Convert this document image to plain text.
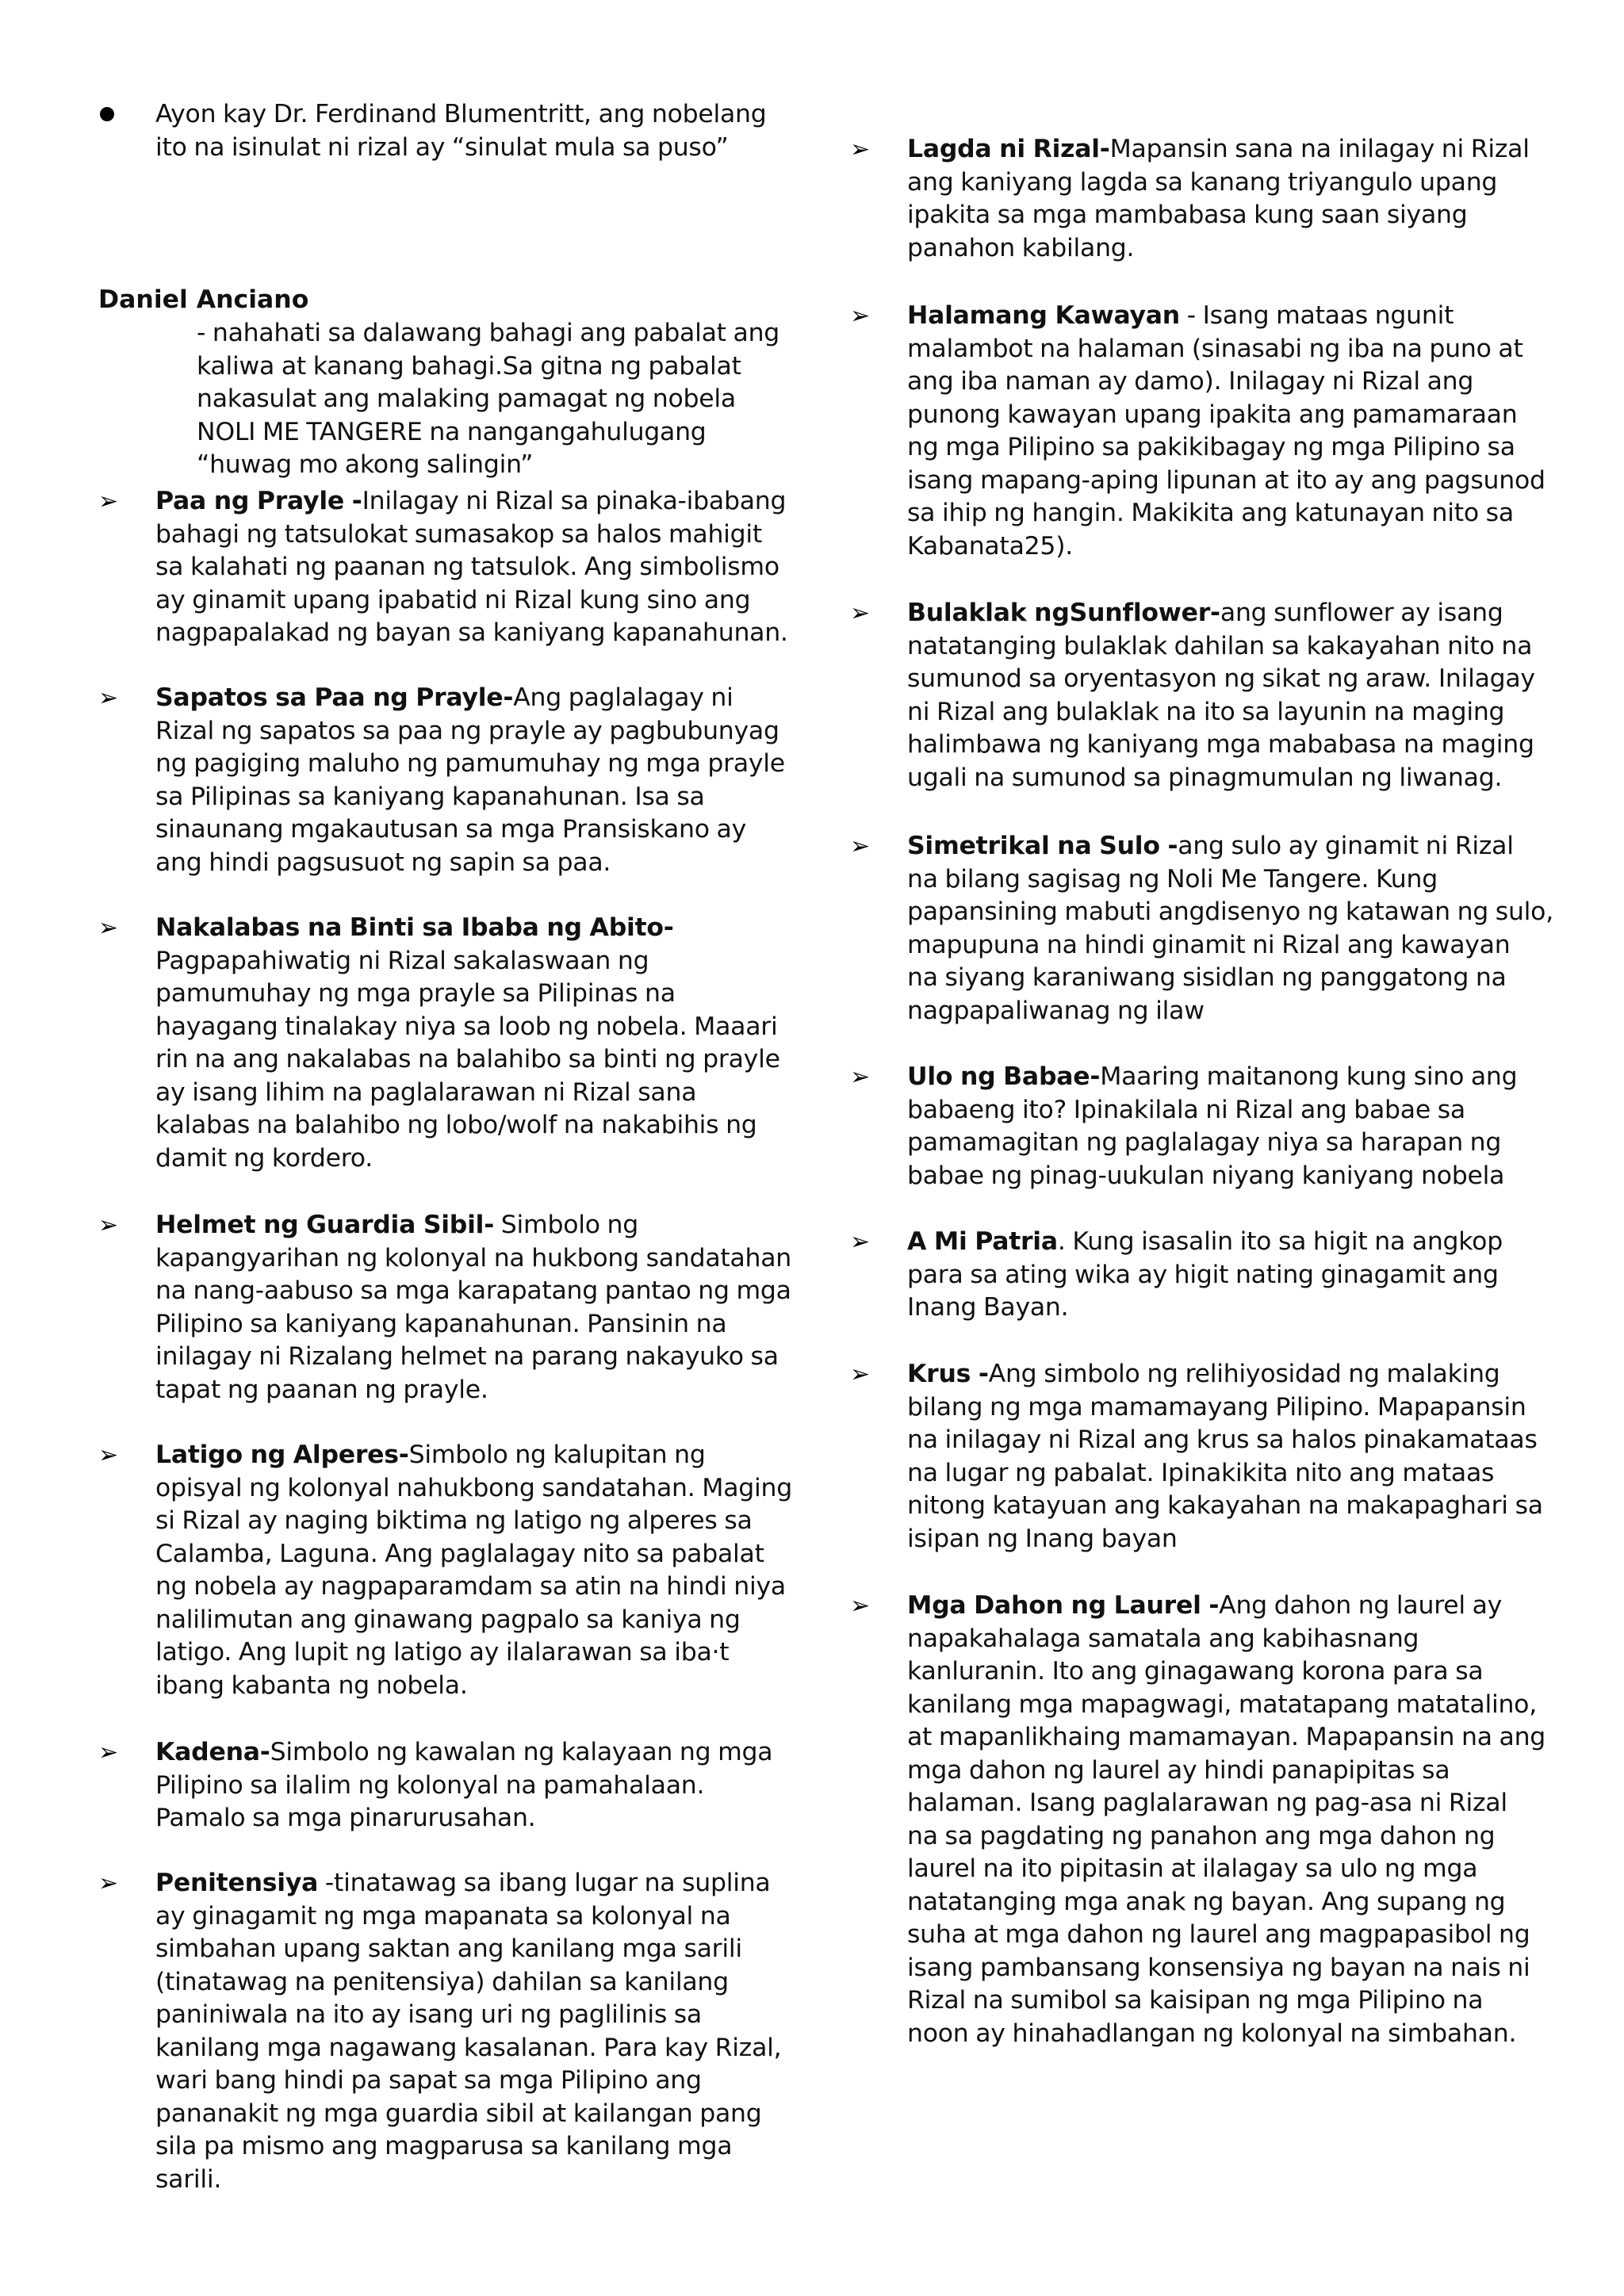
Ayon kay Dr. Ferdinand Blumentritt, ang nobelang
ito na isinulat ni rizal ay “sinulat mula sa puso”
Daniel Anciano
- nahahati sa dalawang bahagi ang pabalat ang
kaliwa at kanang bahagi.Sa gitna ng pabalat
nakasulat ang malaking pamagat ng nobela
NOLI ME TANGERE na nangangahulugang
“huwag mo akong salingin”
➢ Paa ng Prayle -Inilagay ni Rizal sa pinaka-ibabang
bahagi ng tatsulokat sumasakop sa halos mahigit
sa kalahati ng paanan ng tatsulok. Ang simbolismo
ay ginamit upang ipabatid ni Rizal kung sino ang
nagpapalakad ng bayan sa kaniyang kapanahunan.
➢ Sapatos sa Paa ng Prayle-Ang paglalagay ni
Rizal ng sapatos sa paa ng prayle ay pagbubunyag
ng pagiging maluho ng pamumuhay ng mga prayle
sa Pilipinas sa kaniyang kapanahunan. Isa sa
sinaunang mgakautusan sa mga Pransiskano ay
ang hindi pagsusuot ng sapin sa paa.
➢ Nakalabas na Binti sa Ibaba ng Abito-
Pagpapahiwatig ni Rizal sakalaswaan ng
pamumuhay ng mga prayle sa Pilipinas na
hayagang tinalakay niya sa loob ng nobela. Maaari
rin na ang nakalabas na balahibo sa binti ng prayle
ay isang lihim na paglalarawan ni Rizal sana
kalabas na balahibo ng lobo/wolf na nakabihis ng
damit ng kordero.
➢ Helmet ng Guardia Sibil- Simbolo ng
kapangyarihan ng kolonyal na hukbong sandatahan
na nang-aabuso sa mga karapatang pantao ng mga
Pilipino sa kaniyang kapanahunan. Pansinin na
inilagay ni Rizalang helmet na parang nakayuko sa
tapat ng paanan ng prayle.
➢ Latigo ng Alperes-Simbolo ng kalupitan ng
opisyal ng kolonyal nahukbong sandatahan. Maging
si Rizal ay naging biktima ng latigo ng alperes sa
Calamba, Laguna. Ang paglalagay nito sa pabalat
ng nobela ay nagpaparamdam sa atin na hindi niya
nalilimutan ang ginawang pagpalo sa kaniya ng
latigo. Ang lupit ng latigo ay ilalarawan sa iba·t
ibang kabanta ng nobela.
➢ Kadena-Simbolo ng kawalan ng kalayaan ng mga
Pilipino sa ilalim ng kolonyal na pamahalaan.
Pamalo sa mga pinarurusahan.
➢ Penitensiya -tinatawag sa ibang lugar na suplina
ay ginagamit ng mga mapanata sa kolonyal na
simbahan upang saktan ang kanilang mga sarili
(tinatawag na penitensiya) dahilan sa kanilang
paniniwala na ito ay isang uri ng paglilinis sa
kanilang mga nagawang kasalanan. Para kay Rizal,
wari bang hindi pa sapat sa mga Pilipino ang
pananakit ng mga guardia sibil at kailangan pang
sila pa mismo ang magparusa sa kanilang mga
sarili.
➢ Lagda ni Rizal-Mapansin sana na inilagay ni Rizal
ang kaniyang lagda sa kanang triyangulo upang
ipakita sa mga mambabasa kung saan siyang
panahon kabilang.
➢ Halamang Kawayan - Isang mataas ngunit
malambot na halaman (sinasabi ng iba na puno at
ang iba naman ay damo). Inilagay ni Rizal ang
punong kawayan upang ipakita ang pamamaraan
ng mga Pilipino sa pakikibagay ng mga Pilipino sa
isang mapang-aping lipunan at ito ay ang pagsunod
sa ihip ng hangin. Makikita ang katunayan nito sa
Kabanata25).
➢ Bulaklak ngSunflower-ang sunflower ay isang
natatanging bulaklak dahilan sa kakayahan nito na
sumunod sa oryentasyon ng sikat ng araw. Inilagay
ni Rizal ang bulaklak na ito sa layunin na maging
halimbawa ng kaniyang mga mababasa na maging
ugali na sumunod sa pinagmumulan ng liwanag.
➢ Simetrikal na Sulo -ang sulo ay ginamit ni Rizal
na bilang sagisag ng Noli Me Tangere. Kung
papansining mabuti angdisenyo ng katawan ng sulo,
mapupuna na hindi ginamit ni Rizal ang kawayan
na siyang karaniwang sisidlan ng panggatong na
nagpapaliwanag ng ilaw
➢ Ulo ng Babae-Maaring maitanong kung sino ang
babaeng ito? Ipinakilala ni Rizal ang babae sa
pamamagitan ng paglalagay niya sa harapan ng
babae ng pinag-uukulan niyang kaniyang nobela
➢ A Mi Patria. Kung isasalin ito sa higit na angkop
para sa ating wika ay higit nating ginagamit ang
Inang Bayan.
➢ Krus -Ang simbolo ng relihiyosidad ng malaking
bilang ng mga mamamayang Pilipino. Mapapansin
na inilagay ni Rizal ang krus sa halos pinakamataas
na lugar ng pabalat. Ipinakikita nito ang mataas
nitong katayuan ang kakayahan na makapaghari sa
isipan ng Inang bayan
➢ Mga Dahon ng Laurel -Ang dahon ng laurel ay
napakahalaga samatala ang kabihasnang
kanluranin. Ito ang ginagawang korona para sa
kanilang mga mapagwagi, matatapang matatalino,
at mapanlikhaing mamamayan. Mapapansin na ang
mga dahon ng laurel ay hindi panapipitas sa
halaman. Isang paglalarawan ng pag-asa ni Rizal
na sa pagdating ng panahon ang mga dahon ng
laurel na ito pipitasin at ilalagay sa ulo ng mga
natatanging mga anak ng bayan. Ang supang ng
suha at mga dahon ng laurel ang magpapasibol ng
isang pambansang konsensiya ng bayan na nais ni
Rizal na sumibol sa kaisipan ng mga Pilipino na
noon ay hinahadlangan ng kolonyal na simbahan.
